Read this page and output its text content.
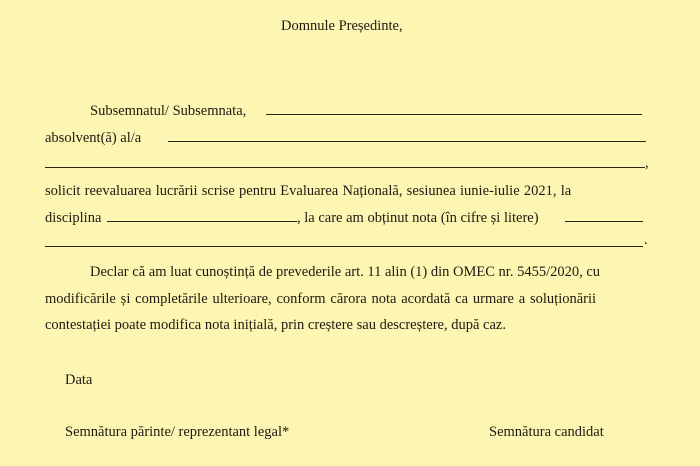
Domnule Președinte,
Subsemnatul/ Subsemnata,
absolvent(ă) al/a
,
solicit reevaluarea lucrării scrise pentru Evaluarea Națională, sesiunea iunie-iulie 2021, la
disciplina	, la care am obținut nota (în cifre și litere)
.
Declar că am luat cunoștință de prevederile art. 11 alin (1) din OMEC nr. 5455/2020, cu
modificările și completările ulterioare, conform cărora nota acordată ca urmare a soluționării
contestației poate modifica nota inițială, prin creștere sau descreștere, după caz.
Data
Semnătura părinte/ reprezentant legal*	Semnătura candidat
